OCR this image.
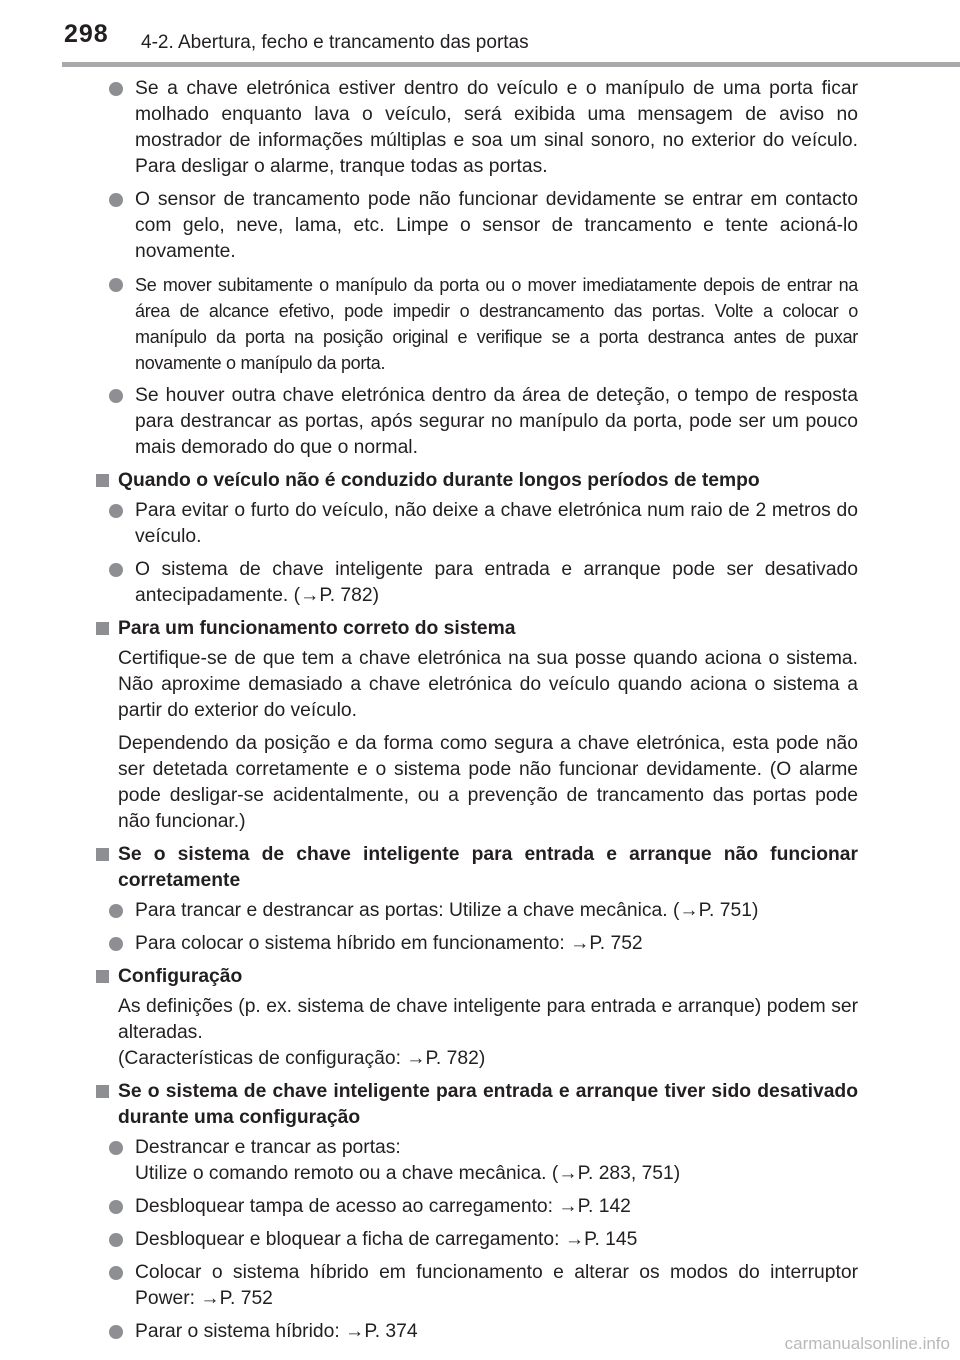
298 4-2. Abertura, fecho e trancamento das portas
Se a chave eletrónica estiver dentro do veículo e o manípulo de uma porta ficar molhado enquanto lava o veículo, será exibida uma mensagem de aviso no mostrador de informações múltiplas e soa um sinal sonoro, no exterior do veículo. Para desligar o alarme, tranque todas as portas.
O sensor de trancamento pode não funcionar devidamente se entrar em contacto com gelo, neve, lama, etc. Limpe o sensor de trancamento e tente acioná-lo novamente.
Se mover subitamente o manípulo da porta ou o mover imediatamente depois de entrar na área de alcance efetivo, pode impedir o destrancamento das portas. Volte a colocar o manípulo da porta na posição original e verifique se a porta destranca antes de puxar novamente o manípulo da porta.
Se houver outra chave eletrónica dentro da área de deteção, o tempo de resposta para destrancar as portas, após segurar no manípulo da porta, pode ser um pouco mais demorado do que o normal.
Quando o veículo não é conduzido durante longos períodos de tempo
Para evitar o furto do veículo, não deixe a chave eletrónica num raio de 2 metros do veículo.
O sistema de chave inteligente para entrada e arranque pode ser desativado antecipadamente. (→P. 782)
Para um funcionamento correto do sistema
Certifique-se de que tem a chave eletrónica na sua posse quando aciona o sistema. Não aproxime demasiado a chave eletrónica do veículo quando aciona o sistema a partir do exterior do veículo.
Dependendo da posição e da forma como segura a chave eletrónica, esta pode não ser detetada corretamente e o sistema pode não funcionar devidamente. (O alarme pode desligar-se acidentalmente, ou a prevenção de trancamento das portas pode não funcionar.)
Se o sistema de chave inteligente para entrada e arranque não funcionar corretamente
Para trancar e destrancar as portas: Utilize a chave mecânica. (→P. 751)
Para colocar o sistema híbrido em funcionamento: →P. 752
Configuração
As definições (p. ex. sistema de chave inteligente para entrada e arranque) podem ser alteradas.
(Características de configuração: →P. 782)
Se o sistema de chave inteligente para entrada e arranque tiver sido desativado durante uma configuração
Destrancar e trancar as portas:
Utilize o comando remoto ou a chave mecânica. (→P. 283, 751)
Desbloquear tampa de acesso ao carregamento: →P. 142
Desbloquear e bloquear a ficha de carregamento: →P. 145
Colocar o sistema híbrido em funcionamento e alterar os modos do interruptor Power: →P. 752
Parar o sistema híbrido: →P. 374
carmanualsonline.info
